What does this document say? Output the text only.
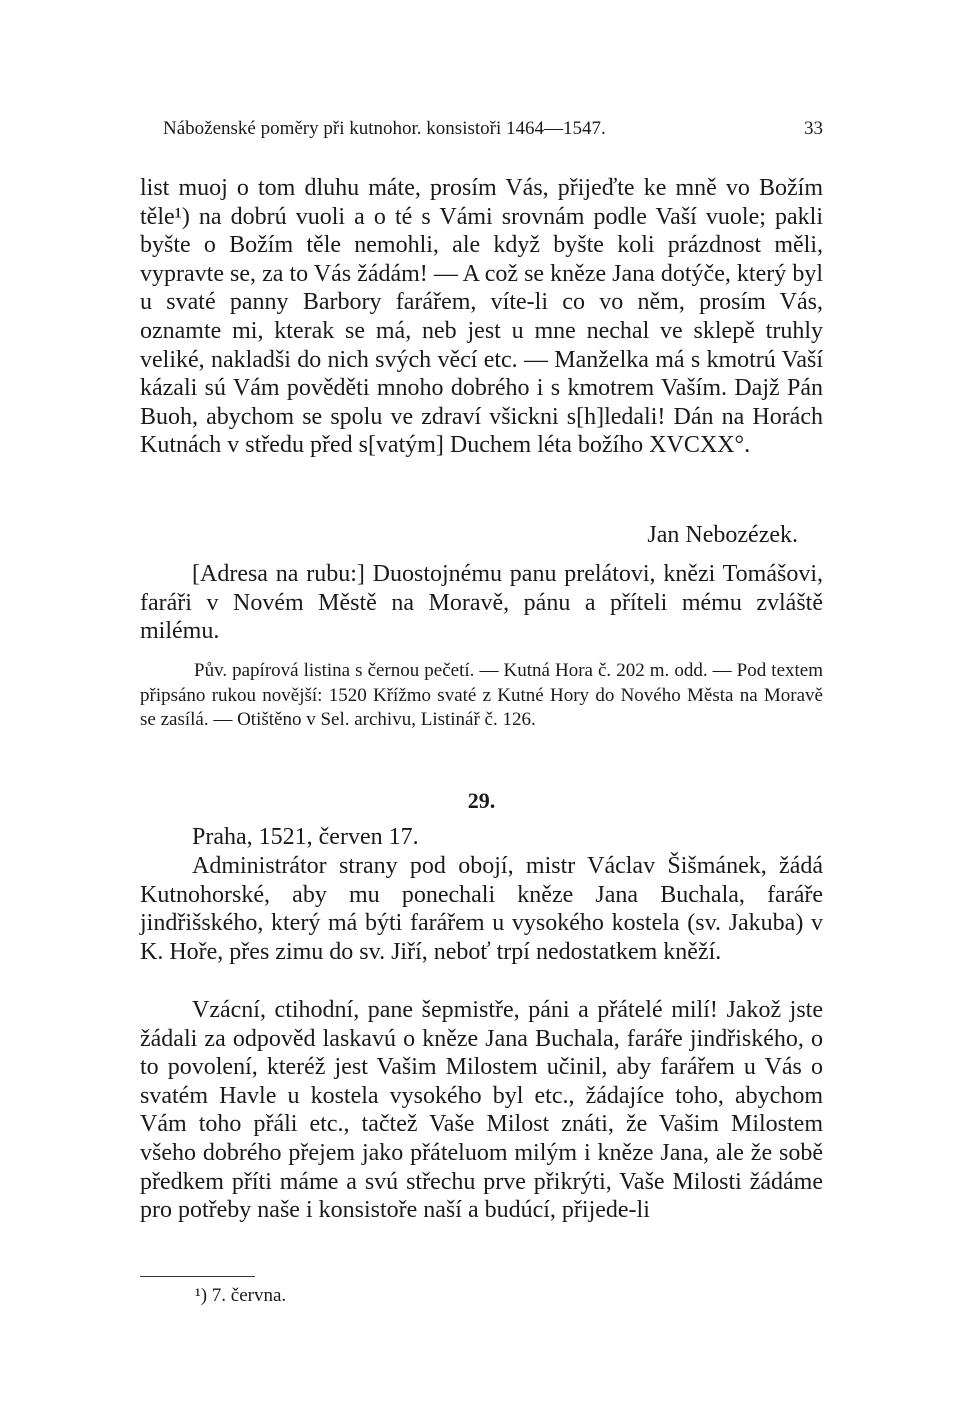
Náboženské poměry při kutnohor. konsistoři 1464—1547.	33

list muoj o tom dluhu máte, prosím Vás, přijeďte ke mně vo Božím těle¹) na dobrú vuoli a o té s Vámi srovnám podle Vaší vuole; pakli byšte o Božím těle nemohli, ale když byšte koli prázdnost měli, vypravte se, za to Vás žádám! — A což se kněze Jana dotýče, který byl u svaté panny Barbory farářem, víte-li co vo něm, prosím Vás, oznamte mi, kterak se má, neb jest u mne nechal ve sklepě truhly veliké, nakladši do nich svých věcí etc. — Manželka má s kmotrú Vaší kázali sú Vám pověděti mnoho dobrého i s kmotrem Vaším. Dajž Pán Buoh, abychom se spolu ve zdraví všickni s[h]ledali! Dán na Horách Kutnách v středu před s[vatým] Duchem léta božího XVCXX°.

Jan Nebozézek.

[Adresa na rubu:] Duostojnému panu prelátovi, knězi Tomášovi, faráři v Novém Městě na Moravě, pánu a příteli mému zvláště milému.

Pův. papírová listina s černou pečetí. — Kutná Hora č. 202 m. odd. — Pod textem připsáno rukou novější: 1520 Křížmo svaté z Kutné Hory do Nového Města na Moravě se zasílá. — Otištěno v Sel. archivu, Listinář č. 126.

29.

Praha, 1521, červen 17.

Administrátor strany pod obojí, mistr Václav Šišmánek, žádá Kutnohorské, aby mu ponechali kněze Jana Buchala, faráře jindřišského, který má býti farářem u vysokého kostela (sv. Jakuba) v K. Hoře, přes zimu do sv. Jiří, neboť trpí nedostatkem kněží.

Vzácní, ctihodní, pane šepmistře, páni a přátelé milí! Jakož jste žádali za odpověd laskavú o kněze Jana Buchala, faráře jindřiského, o to povolení, kteréž jest Vašim Milostem učinil, aby farářem u Vás o svatém Havle u kostela vysokého byl etc., žádajíce toho, abychom Vám toho přáli etc., tačtež Vaše Milost znáti, že Vašim Milostem všeho dobrého přejem jako přáteluom milým i kněze Jana, ale že sobě předkem příti máme a svú střechu prve přikrýti, Vaše Milosti žádáme pro potřeby naše i konsistoře naší a budúcí, přijede-li

¹) 7. června.
